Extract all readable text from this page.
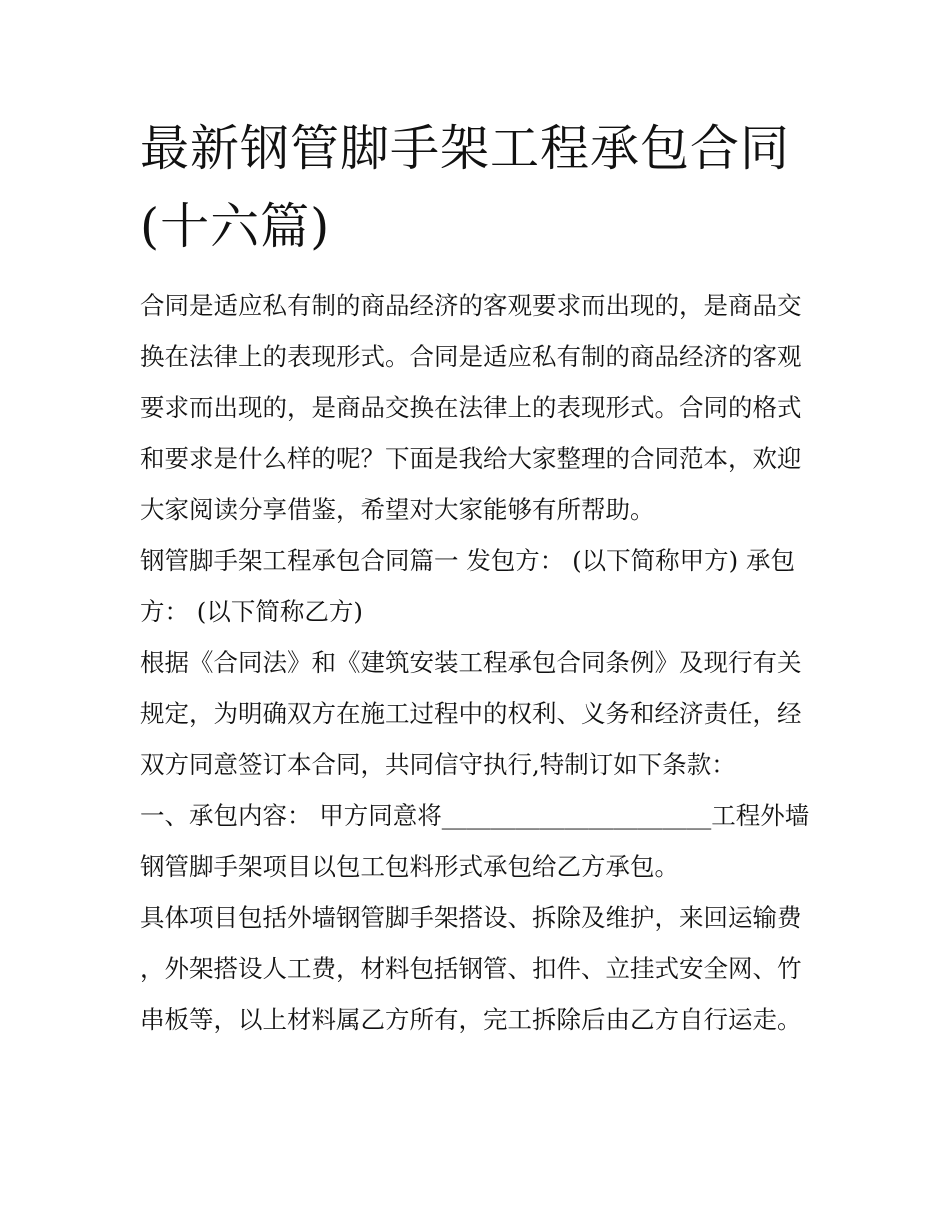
最新钢管脚手架工程承包合同(十六篇)

合同是适应私有制的商品经济的客观要求而出现的，是商品交换在法律上的表现形式。合同是适应私有制的商品经济的客观要求而出现的，是商品交换在法律上的表现形式。合同的格式和要求是什么样的呢？下面是我给大家整理的合同范本，欢迎大家阅读分享借鉴，希望对大家能够有所帮助。

钢管脚手架工程承包合同篇一 发包方： (以下简称甲方) 承包方： (以下简称乙方)

根据《合同法》和《建筑安装工程承包合同条例》及现行有关规定，为明确双方在施工过程中的权利、义务和经济责任，经双方同意签订本合同，共同信守执行,特制订如下条款：

一、承包内容： 甲方同意将______________________工程外墙钢管脚手架项目以包工包料形式承包给乙方承包。

具体项目包括外墙钢管脚手架搭设、拆除及维护，来回运输费，外架搭设人工费，材料包括钢管、扣件、立挂式安全网、竹串板等，以上材料属乙方所有，完工拆除后由乙方自行运走。
